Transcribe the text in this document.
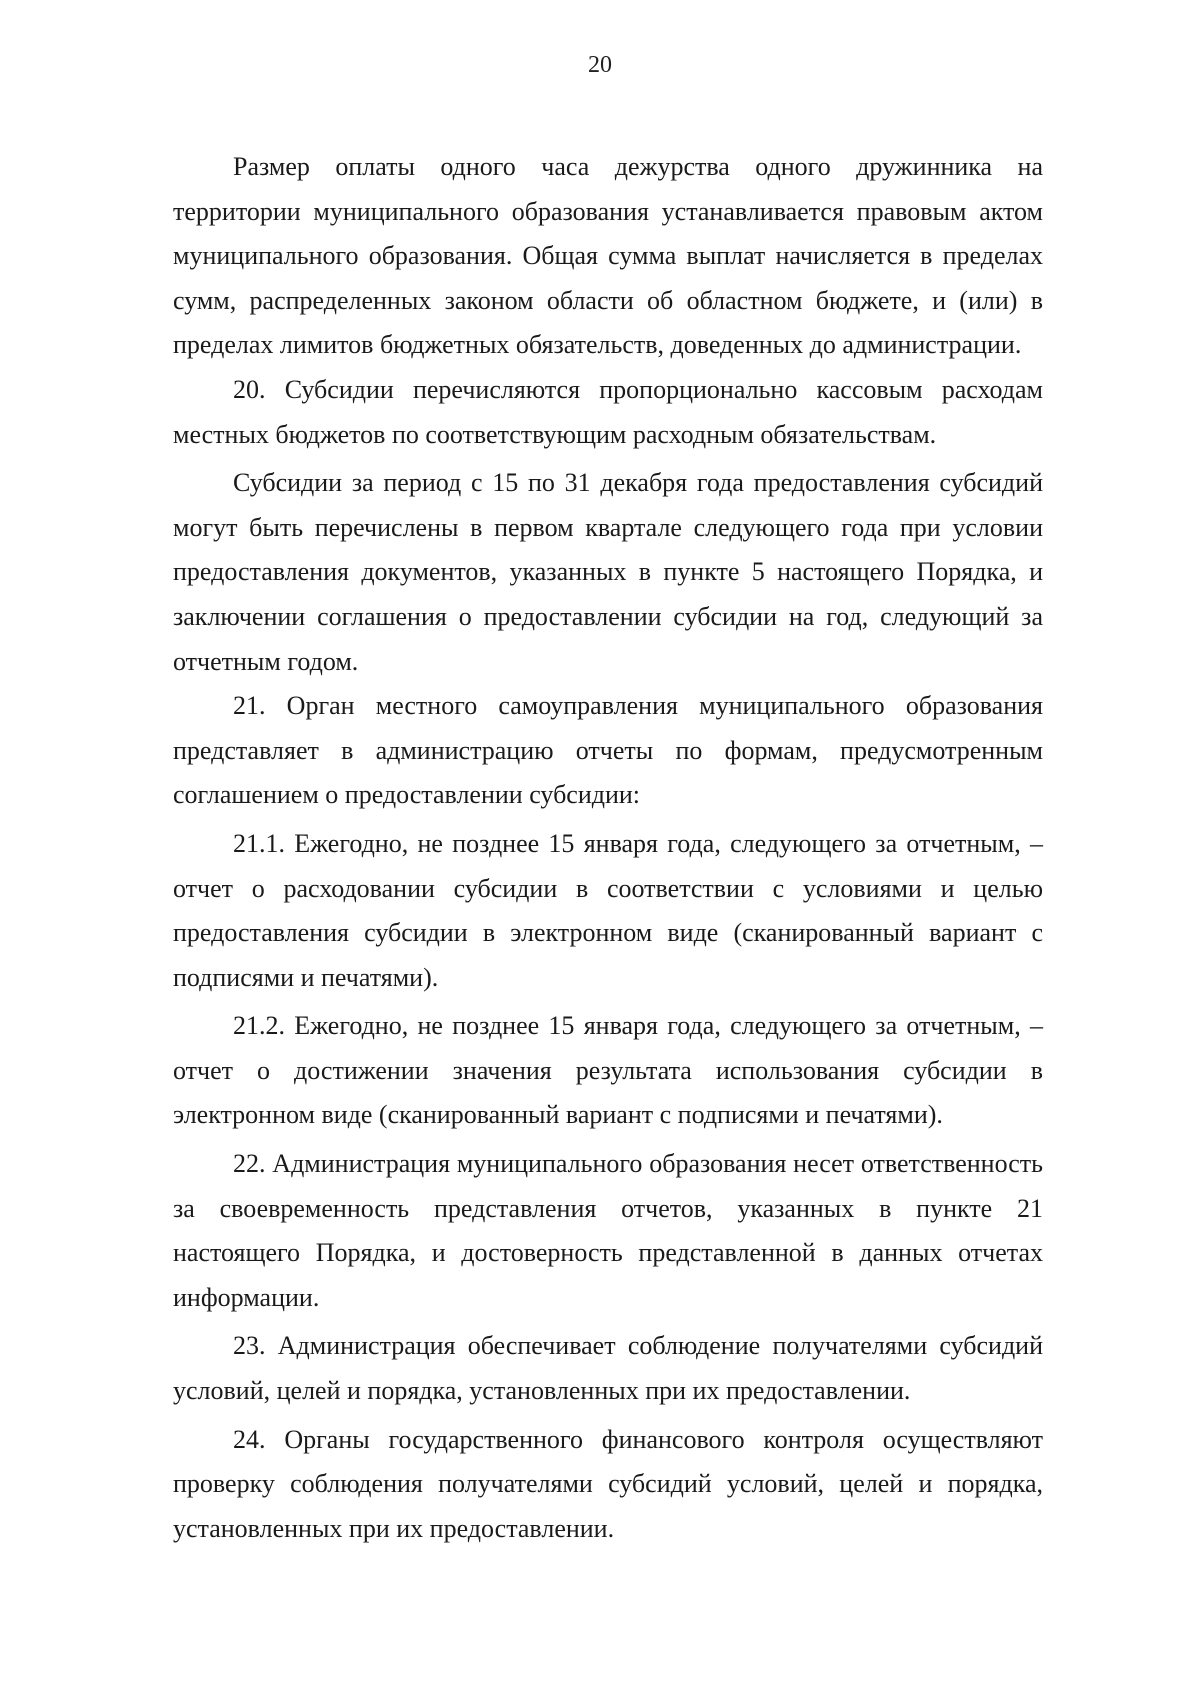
20

Размер оплаты одного часа дежурства одного дружинника на территории муниципального образования устанавливается правовым актом муниципального образования. Общая сумма выплат начисляется в пределах сумм, распределенных законом области об областном бюджете, и (или) в пределах лимитов бюджетных обязательств, доведенных до администрации.

20. Субсидии перечисляются пропорционально кассовым расходам местных бюджетов по соответствующим расходным обязательствам.

Субсидии за период с 15 по 31 декабря года предоставления субсидий могут быть перечислены в первом квартале следующего года при условии предоставления документов, указанных в пункте 5 настоящего Порядка, и заключении соглашения о предоставлении субсидии на год, следующий за отчетным годом.

21. Орган местного самоуправления муниципального образования представляет в администрацию отчеты по формам, предусмотренным соглашением о предоставлении субсидии:

21.1. Ежегодно, не позднее 15 января года, следующего за отчетным, – отчет о расходовании субсидии в соответствии с условиями и целью предоставления субсидии в электронном виде (сканированный вариант с подписями и печатями).

21.2. Ежегодно, не позднее 15 января года, следующего за отчетным, – отчет о достижении значения результата использования субсидии в электронном виде (сканированный вариант с подписями и печатями).

22. Администрация муниципального образования несет ответственность за своевременность представления отчетов, указанных в пункте 21 настоящего Порядка, и достоверность представленной в данных отчетах информации.

23. Администрация обеспечивает соблюдение получателями субсидий условий, целей и порядка, установленных при их предоставлении.

24. Органы государственного финансового контроля осуществляют проверку соблюдения получателями субсидий условий, целей и порядка, установленных при их предоставлении.
